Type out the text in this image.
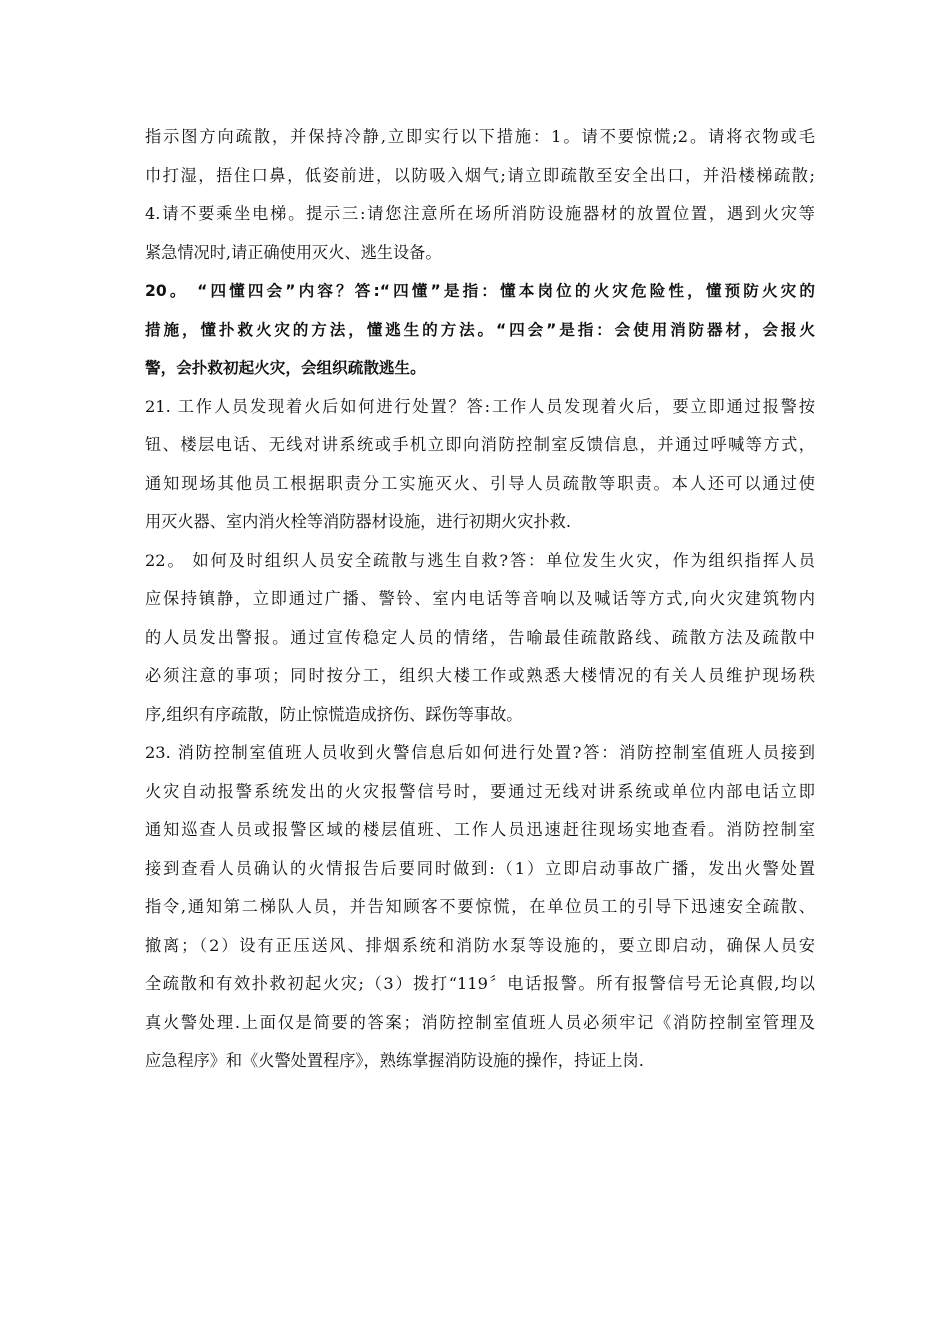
指示图方向疏散，并保持冷静,立即实行以下措施：1。请不要惊慌;2。请将衣物或毛
巾打湿，捂住口鼻，低姿前进，以防吸入烟气;请立即疏散至安全出口，并沿楼梯疏散;
4.请不要乘坐电梯。提示三:请您注意所在场所消防设施器材的放置位置，遇到火灾等
紧急情况时,请正确使用灭火、逃生设备。
20。 “四懂四会”内容？答:“四懂”是指：懂本岗位的火灾危险性，懂预防火灾的
措施，懂扑救火灾的方法，懂逃生的方法。“四会”是指：会使用消防器材，会报火
警，会扑救初起火灾，会组织疏散逃生。
21. 工作人员发现着火后如何进行处置？答:工作人员发现着火后，要立即通过报警按
钮、楼层电话、无线对讲系统或手机立即向消防控制室反馈信息，并通过呼喊等方式，
通知现场其他员工根据职责分工实施灭火、引导人员疏散等职责。本人还可以通过使
用灭火器、室内消火栓等消防器材设施，进行初期火灾扑救.
22。 如何及时组织人员安全疏散与逃生自救?答：单位发生火灾，作为组织指挥人员
应保持镇静，立即通过广播、警铃、室内电话等音响以及喊话等方式,向火灾建筑物内
的人员发出警报。通过宣传稳定人员的情绪，告喻最佳疏散路线、疏散方法及疏散中
必须注意的事项；同时按分工，组织大楼工作或熟悉大楼情况的有关人员维护现场秩
序,组织有序疏散，防止惊慌造成挤伤、踩伤等事故。
23. 消防控制室值班人员收到火警信息后如何进行处置?答：消防控制室值班人员接到
火灾自动报警系统发出的火灾报警信号时，要通过无线对讲系统或单位内部电话立即
通知巡查人员或报警区域的楼层值班、工作人员迅速赶往现场实地查看。消防控制室
接到查看人员确认的火情报告后要同时做到:（1）立即启动事故广播，发出火警处置
指令,通知第二梯队人员，并告知顾客不要惊慌，在单位员工的引导下迅速安全疏散、
撤离；（2）设有正压送风、排烟系统和消防水泵等设施的，要立即启动，确保人员安
全疏散和有效扑救初起火灾;（3）拨打“119〞电话报警。所有报警信号无论真假,均以
真火警处理.上面仅是简要的答案；消防控制室值班人员必须牢记《消防控制室管理及
应急程序》和《火警处置程序》，熟练掌握消防设施的操作，持证上岗.
